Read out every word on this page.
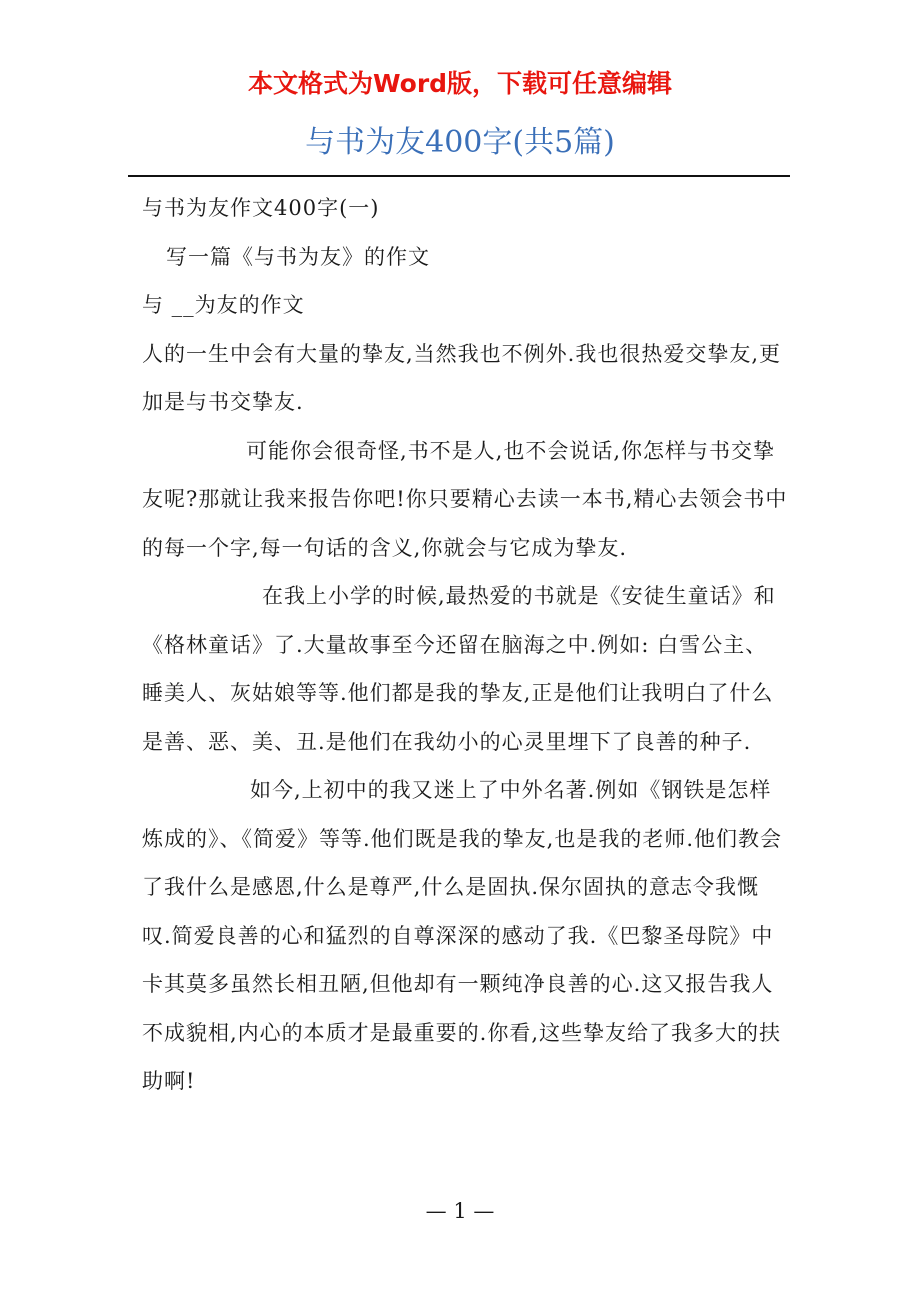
本文格式为Word版，下载可任意编辑
与书为友400字(共5篇)

与书为友作文400字(一)

写一篇《与书为友》的作文

与 __为友的作文

人的一生中会有大量的挚友,当然我也不例外.我也很热爱交挚友,更加是与书交挚友.

可能你会很奇怪,书不是人,也不会说话,你怎样与书交挚友呢?那就让我来报告你吧!你只要精心去读一本书,精心去领会书中的每一个字,每一句话的含义,你就会与它成为挚友.

在我上小学的时候,最热爱的书就是《安徒生童话》和《格林童话》了.大量故事至今还留在脑海之中.例如: 白雪公主、睡美人、灰姑娘等等.他们都是我的挚友,正是他们让我明白了什么是善、恶、美、丑.是他们在我幼小的心灵里埋下了良善的种子.

如今,上初中的我又迷上了中外名著.例如《钢铁是怎样炼成的》、《简爱》等等.他们既是我的挚友,也是我的老师.他们教会了我什么是感恩,什么是尊严,什么是固执.保尔固执的意志令我慨叹.简爱良善的心和猛烈的自尊深深的感动了我.《巴黎圣母院》中卡其莫多虽然长相丑陋,但他却有一颗纯净良善的心.这又报告我人不成貌相,内心的本质才是最重要的.你看,这些挚友给了我多大的扶助啊!

— 1 —
